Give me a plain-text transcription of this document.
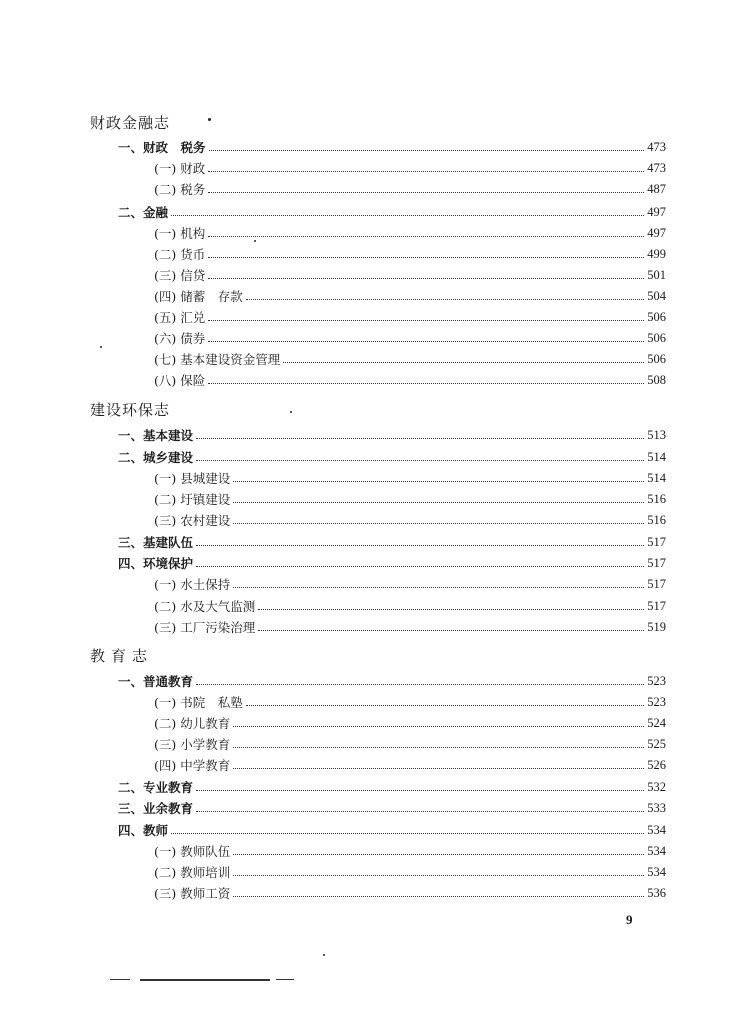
财政金融志
一、财政　税务	473
(一) 财政	473
(二) 税务	487
二、金融	497
(一) 机构	497
(二) 货币	499
(三) 信贷	501
(四) 储蓄　存款	504
(五) 汇兑	506
(六) 债券	506
(七) 基本建设资金管理	506
(八) 保险	508
建设环保志
一、基本建设	513
二、城乡建设	514
(一) 县城建设	514
(二) 圩镇建设	516
(三) 农村建设	516
三、基建队伍	517
四、环境保护	517
(一) 水土保持	517
(二) 水及大气监测	517
(三) 工厂污染治理	519
教育志
一、普通教育	523
(一) 书院　私塾	523
(二) 幼儿教育	524
(三) 小学教育	525
(四) 中学教育	526
二、专业教育	532
三、业余教育	533
四、教师	534
(一) 教师队伍	534
(二) 教师培训	534
(三) 教师工资	536
9
